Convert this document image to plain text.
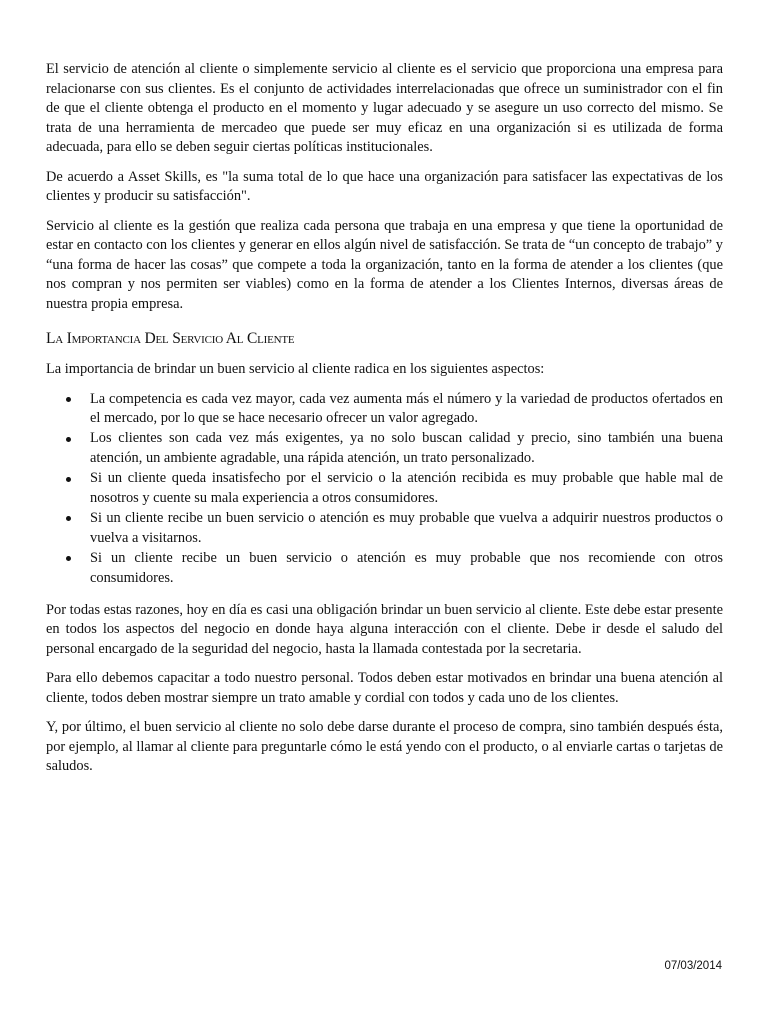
El servicio de atención al cliente o simplemente servicio al cliente es el servicio que proporciona una empresa para relacionarse con sus clientes. Es el conjunto de actividades interrelacionadas que ofrece un suministrador con el fin de que el cliente obtenga el producto en el momento y lugar adecuado y se asegure un uso correcto del mismo. Se trata de una herramienta de mercadeo que puede ser muy eficaz en una organización si es utilizada de forma adecuada, para ello se deben seguir ciertas políticas institucionales.

De acuerdo a Asset Skills, es "la suma total de lo que hace una organización para satisfacer las expectativas de los clientes y producir su satisfacción".

Servicio al cliente es la gestión que realiza cada persona que trabaja en una empresa y que tiene la oportunidad de estar en contacto con los clientes y generar en ellos algún nivel de satisfacción. Se trata de “un concepto de trabajo” y “una forma de hacer las cosas” que compete a toda la organización, tanto en la forma de atender a los clientes (que nos compran y nos permiten ser viables) como en la forma de atender a los Clientes Internos, diversas áreas de nuestra propia empresa.

La Importancia Del Servicio Al Cliente

La importancia de brindar un buen servicio al cliente radica en los siguientes aspectos:

La competencia es cada vez mayor, cada vez aumenta más el número y la variedad de productos ofertados en el mercado, por lo que se hace necesario ofrecer un valor agregado.
Los clientes son cada vez más exigentes, ya no solo buscan calidad y precio, sino también una buena atención, un ambiente agradable, una rápida atención, un trato personalizado.
Si un cliente queda insatisfecho por el servicio o la atención recibida es muy probable que hable mal de nosotros y cuente su mala experiencia a otros consumidores.
Si un cliente recibe un buen servicio o atención es muy probable que vuelva a adquirir nuestros productos o vuelva a visitarnos.
Si un cliente recibe un buen servicio o atención es muy probable que nos recomiende con otros consumidores.

Por todas estas razones, hoy en día es casi una obligación brindar un buen servicio al cliente. Este debe estar presente en todos los aspectos del negocio en donde haya alguna interacción con el cliente. Debe ir desde el saludo del personal encargado de la seguridad del negocio, hasta la llamada contestada por la secretaria.

Para ello debemos capacitar a todo nuestro personal. Todos deben estar motivados en brindar una buena atención al cliente, todos deben mostrar siempre un trato amable y cordial con todos y cada uno de los clientes.

Y, por último, el buen servicio al cliente no solo debe darse durante el proceso de compra, sino también después ésta, por ejemplo, al llamar al cliente para preguntarle cómo le está yendo con el producto, o al enviarle cartas o tarjetas de saludos.

07/03/2014
